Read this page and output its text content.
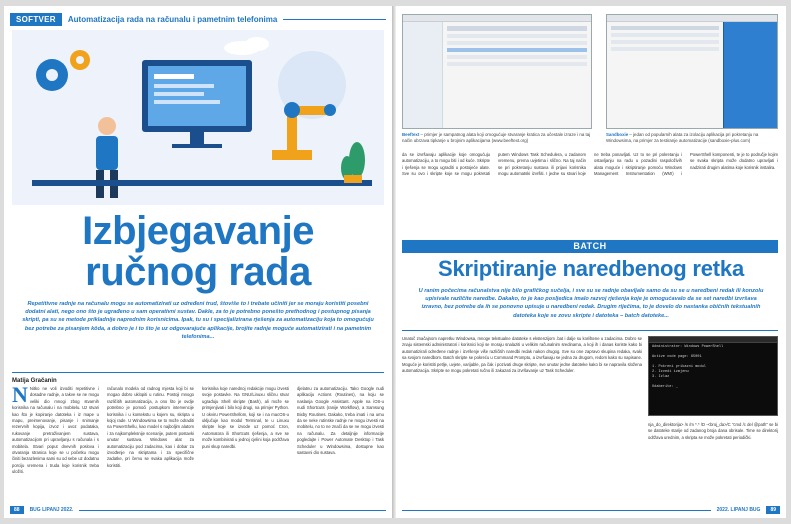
SOFTVER	Automatizacija rada na računalu i pametnim telefonima
Izbjegavanje
ručnog rada
Repetitivne radnje na računalu mogu se automatizirati uz određeni trud, štoviše to i trebate učiniti jer se moraju koristiti posebni dodatni alati, nego ono što je ugrađeno u sam operativni sustav. Dakle, za to je potrebno poneštо prethodnog i postupnog pisanja skripti, pa su se metode prikladnije naprednim korisnicima. Ipak, tu su i specijalizirana rješenja za automatizaciju koja to omogućuju bez potrebe za pisanjem kôda, a dobro je i to što je uz odgovarajuće aplikacije, brojite radnje moguće automatizirati i na pametnim telefonima...
Matija Gračanin
N Nitko ne voli izvoditi repetitivne i dosadne radnje, a takve se ne mogu veliki dio mnogi zbog stvarnih korisnika na računalu i na mobitelu. Uz stvari kao što je kopiranje datoteka i iz mape u mapu, preimenovanje, pisanje i snimanje rezervnih kopija, izvoz i uvoz podataka, rukovanje pretraživanjem sustava, automatizacijom pri upravljanju s računala i s mobitela. Stvari poput dnevnih poslova i otvaranja stranica koje se u početku mogu činiti bezazlenima sami su od sebe uz dodatnu porciju vremena i truda koje korisnik treba uložiti.
računalo modela od radnog mjesta koji bi se mogao dobro uklopiti u rutinu. Postoji mnogo različitih automatizacija, a ono što je ovdje potrebno je pomoći postupkom intervencije korisnika i u kontekstu u kojem su, skripta u kojoj rade. U Windowsima se to može odraditi na PowerShellu, kao model s najboljim alatom i za najkompleksnije scenarije, putem postavki unutar sustava. Windows alat za automatizaciju pod zadacima, kao i dobar za izvođenje na skriptama i za specifične zadatke, pri čemu se svaka aplikacija može koristiti.
korisnika koje narednoj redakcije mogu izvesti svoje postavke. Na GNU/Linuxu sličnu stvar ugrađuju Shell skripte (Bash), ali može se primjenjivati i bilo koji drugi, na primjer Python. U okviru PowerShellom, koji se i na macOS-u uključuje kao modul Terminal, te u Linuxu skripte koje se izvode uz pomoć Cron, Automatora ili Shortcuts rješenja, a sve se može kombinirati u jednoj cjelini koja podržava puni skup naredbi.
djelatnu za automatizaciju. Tako Google nudi aplikaciju Actions (Routines), na koju se naslanja Google Assistant. Apple na iOS-u nudi Shortcuts (ranije Workflow), a Samsung Bixby Routines. Dakako, treba imati i na umu da se neke rutinske radnje ne mogu izvesti na mobitelu, no to ne znači da se ne mogu izvesti na računalu. Za detaljnije informacije pogledajte i Power Automate Desktop i Task Scheduler u Windowsima, dostupne kao sastavni dio sustava.
88	BUG LIPANJ 2022.
Beeftext – primjer je sampatnog alata koji omogućuje stvaranje kratica za učestale izraze i na taj način ubrzava tipkanje u brojnim aplikacijama (www.beeftext.org)
Sandboxie – jedan od popularnih alata za izolaciju aplikacija pri pokretanju na Windowsima, na primjer za testiranje automatizacije (sandboxie-plus.com)
da se izvršavaju aplikacije koje omogućuju automatizaciju, a to mogu biti i od kuće. Skripte i rješenja se mogu ugraditi u postojeće alate. Sve su ovo i skripte koje se mogu pokretati putem Windows Task Schedulera, u zadanom vremenu, prema uvjetima i slično. Na taj način se pri pokretanju sustava ili prijavi korisnika mogu automatski izvršiti. I jedne su stvari koje ne treba ponavljati. Uz to se pri pokretanju i ostavljanju na radu u pozadini raspoloživih alata moguće i skriptiranje pomoću Windows Management Instrumentation (WMI) i PowerShell komponenti, te je to područje kojim se svaka skripta može dodatno upravljati i nadzirati drugim alatima koje korisnik instalira.
BATCH
Skriptiranje naredbenog retka
U ranim počecima računalstva nije bilo grafičkog sučelja, i sve su se radnje obavljale samo da su se u naredbeni redak ili konzolu upisivale različite naredbe. Dakako, to je kao posljedica imalo razvoj rješenja koje je omogućavalo da se set naredbi izvršava izravno, bez potrebe da ih se ponovno upisuje u naredbeni redak. Drugim riječima, to je dovelo do nastanka običnih tekstualnih datoteka koje se zovu skripte i datoteka – batch datoteke...
Unatoč značajnom napretku Windowsa, mnoge tekstualne datoteke s ekstenzijom .bat i dalje su korištene u zadacima. Dobro se znaju sistemski administratori i korisnici koji se moraju snalaziti u velikim računalnim sredinama, a koji ih i danas koriste kako bi automatizirali određene radnje i izvršenje više različitih naredbi redak nakon drugog. Sve su one zapravo skupina redaka, svaki sa svojom naredbom. Batch skripte se pokreću u Command Promptu, a izvršavaju se jedna za drugom, redom kako su napisane. Moguće je koristiti petlje, uvjete, varijable, pa čak i pozivati druge skripte, sve unutar jedne datoteke kako bi se napravila složena automatizacija. Skripte se mogu pokretati ručno ili zakazati za izvršavanje uz Task Scheduler.
Administrator: Windows PowerShell

Active code page: 65001

1. Pokreni prikazni modul
2. Izvedi izmjenu
3. Izlaz

Odaberite: _
nja_do_direktorija> /s /m *.* /D -<broj_da>/C "cmd /c del @path" se bi se datoteke starije od zadanog broja dana obrisale. Time se direktorij održava urednim, a skripta se može pokretati periodički.
89
2022. LIPANJ BUG
